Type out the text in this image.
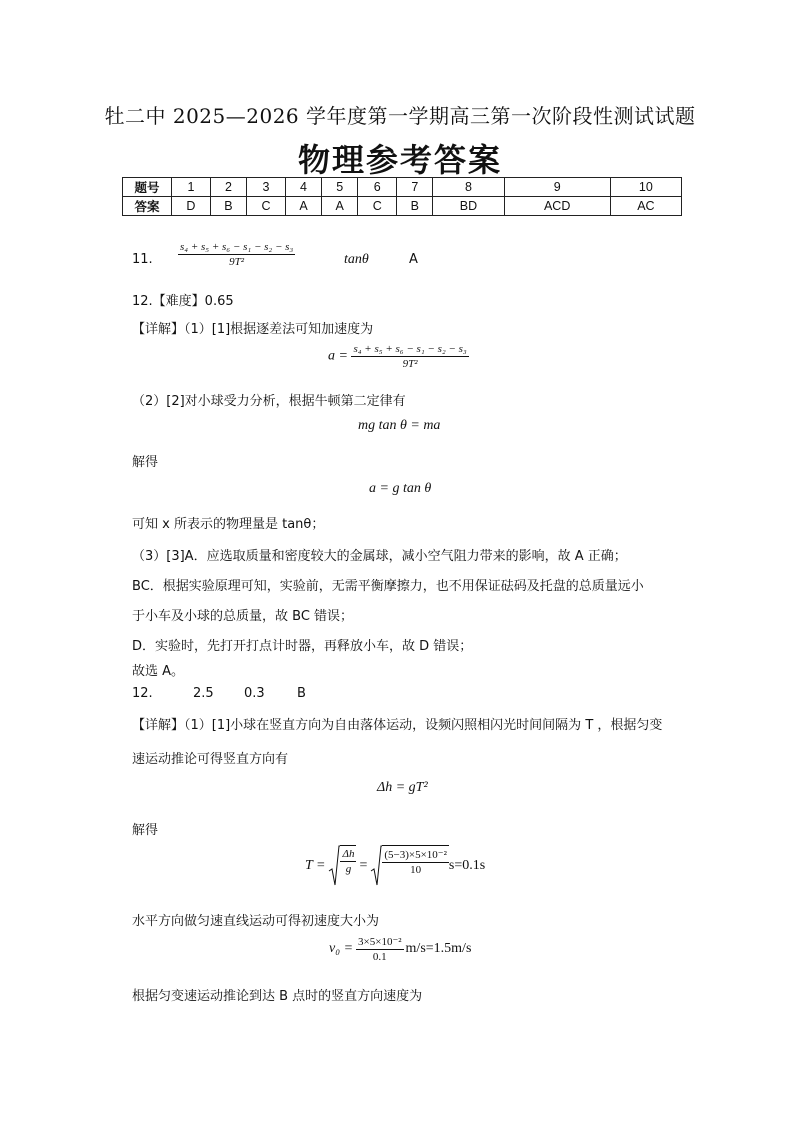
牡二中 2025—2026 学年度第一学期高三第一次阶段性测试试题
物理参考答案
题号	1	2	3	4	5	6	7	8	9	10
答案	D	B	C	A	A	C	B	BD	ACD	AC
11. $\frac{\text{s₄ + s₅ + s₆ − s₁ − s₂ − s₃}}{\text{9T²}}$	tanθ	A
12.【难度】0.65
【详解】（1）[1]根据逐差法可知加速度为
$a = \frac{\text{s₄ + s₅ + s₆ − s₁ − s₂ − s₃}}{\text{9T²}}$
（2）[2]对小球受力分析，根据牛顿第二定律有
mg tan θ = ma
解得
a = g tan θ
可知 x 所表示的物理量是 tanθ；
（3）[3]A．应选取质量和密度较大的金属球，减小空气阻力带来的影响，故 A 正确；
BC．根据实验原理可知，实验前，无需平衡摩擦力，也不用保证砝码及托盘的总质量远小
于小车及小球的总质量，故 BC 错误；
D．实验时，先打开打点计时器，再释放小车，故 D 错误；
故选 A。
12.	2.5 0.3 B
【详解】（1）[1]小球在竖直方向为自由落体运动，设频闪照相闪光时间间隔为 T ，根据匀变
速运动推论可得竖直方向有
Δh = gT²
解得
$T = \frac{\Delta h}{g} = \frac{\text{(5−3)×5×10⁻²}}{10} s=0.1s$
水平方向做匀速直线运动可得初速度大小为
$v_0 = \frac{\text{3×5×10⁻²}}{0.1} m/s=1.5m/s$
根据匀变速运动推论到达 B 点时的竖直方向速度为
